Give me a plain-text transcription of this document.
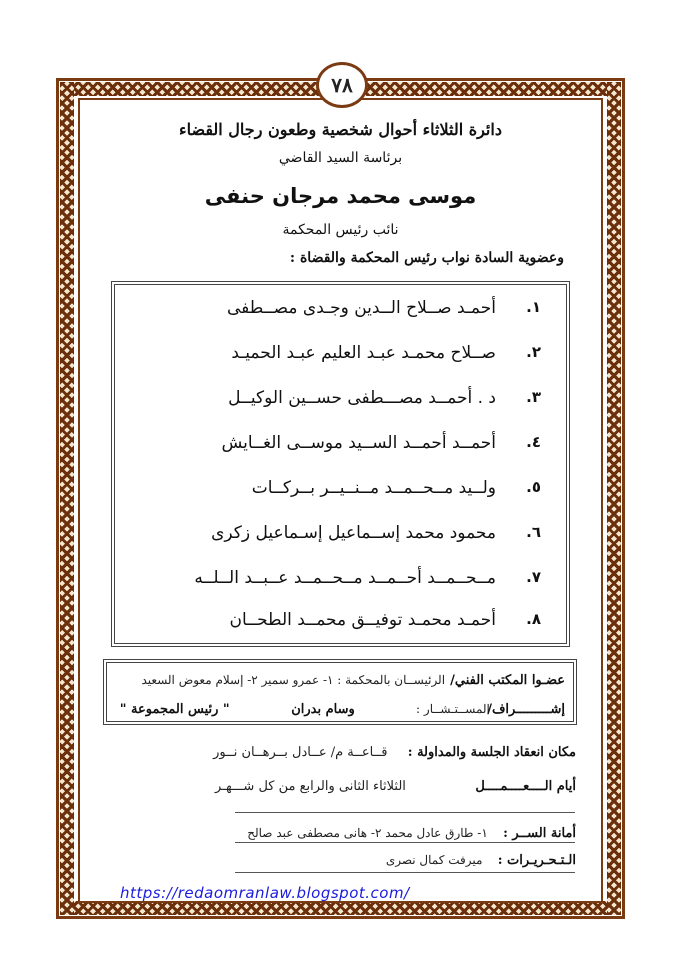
٧٨
دائرة الثلاثاء أحوال شخصية وطعون رجال القضاء
برئاسة السيد القاضي
موسى محمد مرجان حنفى
نائب رئيس المحكمة
وعضوية السادة نواب رئيس المحكمة والقضاة :
١.
أحمـد صــلاح الــدين وجـدى مصــطفى
٢.
صــلاح محمـد عبـد العليم عبـد الحميـد
٣.
د . أحمــد مصـــطفى حســين الوكيــل
٤.
أحمــد أحمــد الســيد موســى الغــايش
٥.
ولــيد مــحــمــد مــنــيــر بــركــات
٦.
محمود محمد إســماعيل إسـماعيل زكرى
٧.
مــحــمــد أحــمــد مــحــمــد عــبــد الــلــه
٨.
أحمـد محمـد توفيــق محمــد الطحــان
عضـوا المكتب الفني/ الرئيســان بالمحكمة : ١- عمرو سمير ٢- إسلام معوض السعيد
إشـــــــــراف/ المســتـشــار : وسام بدران " رئيس المجموعة "
مكان انعقاد الجلسة والمداولة :    قــاعــة م/ عــادل بــرهــان نــور
أيام الــــعــــمــــل الثلاثاء الثانى والرابع من كل شـــهـر
أمانة الســر :   ١- طارق عادل محمد ٢- هانى مصطفى عبد صالح
الـتـحـريـرات :   ميرفت كمال نصرى
https://redaomranlaw.blogspot.com/
